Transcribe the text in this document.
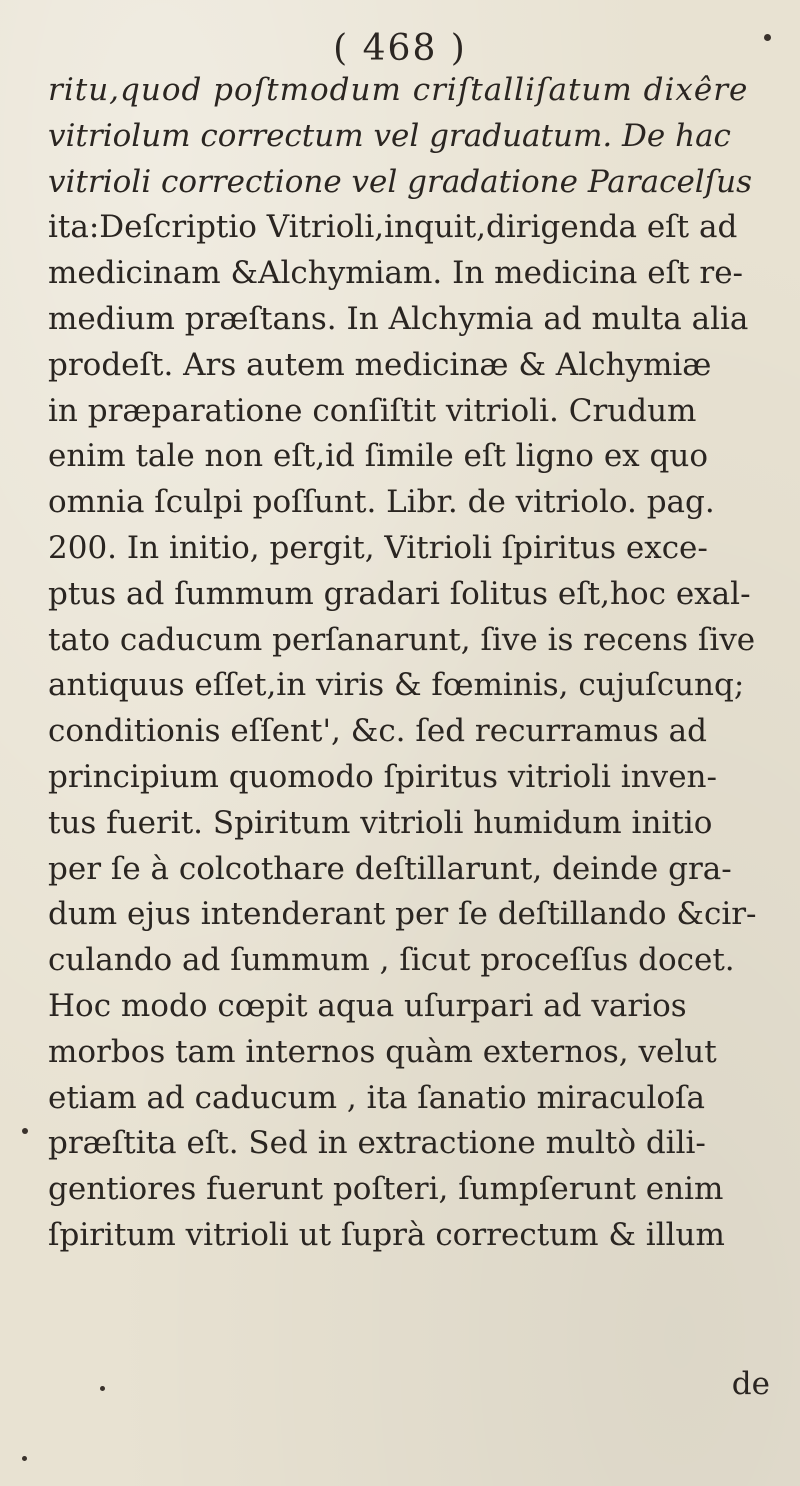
( 468 )
ritu,quod poſtmodum criſtalliſatum dixêre
vitriolum correctum vel graduatum. De hac
vitrioli correctione vel gradatione Paracelſus
ita:Deſcriptio Vitrioli,inquit,dirigenda eſt ad
medicinam &Alchymiam. In medicina eſt re-
medium præſtans. In Alchymia ad multa alia
prodeſt. Ars autem medicinæ & Alchymiæ
in præparatione conſiſtit vitrioli. Crudum
enim tale non eſt,id ſimile eſt ligno ex quo
omnia ſculpi poſſunt. Libr. de vitriolo. pag.
200. In initio, pergit, Vitrioli ſpiritus exce-
ptus ad ſummum gradari ſolitus eſt,hoc exal-
tato caducum perſanarunt, ſive is recens ſive
antiquus eſſet,in viris & fœminis, cujuſcunq;
conditionis eſſent', &c. ſed recurramus ad
principium quomodo ſpiritus vitrioli inven-
tus fuerit. Spiritum vitrioli humidum initio
per ſe à colcothare deſtillarunt, deinde gra-
dum ejus intenderant per ſe deſtillando &cir-
culando ad ſummum , ſicut proceſſus docet.
Hoc modo cœpit aqua uſurpari ad varios
morbos tam internos quàm externos, velut
etiam ad caducum , ita ſanatio miraculoſa
præſtita eſt. Sed in extractione multò dili-
gentiores fuerunt poſteri, ſumpſerunt enim
ſpiritum vitrioli ut ſuprà correctum & illum
de
